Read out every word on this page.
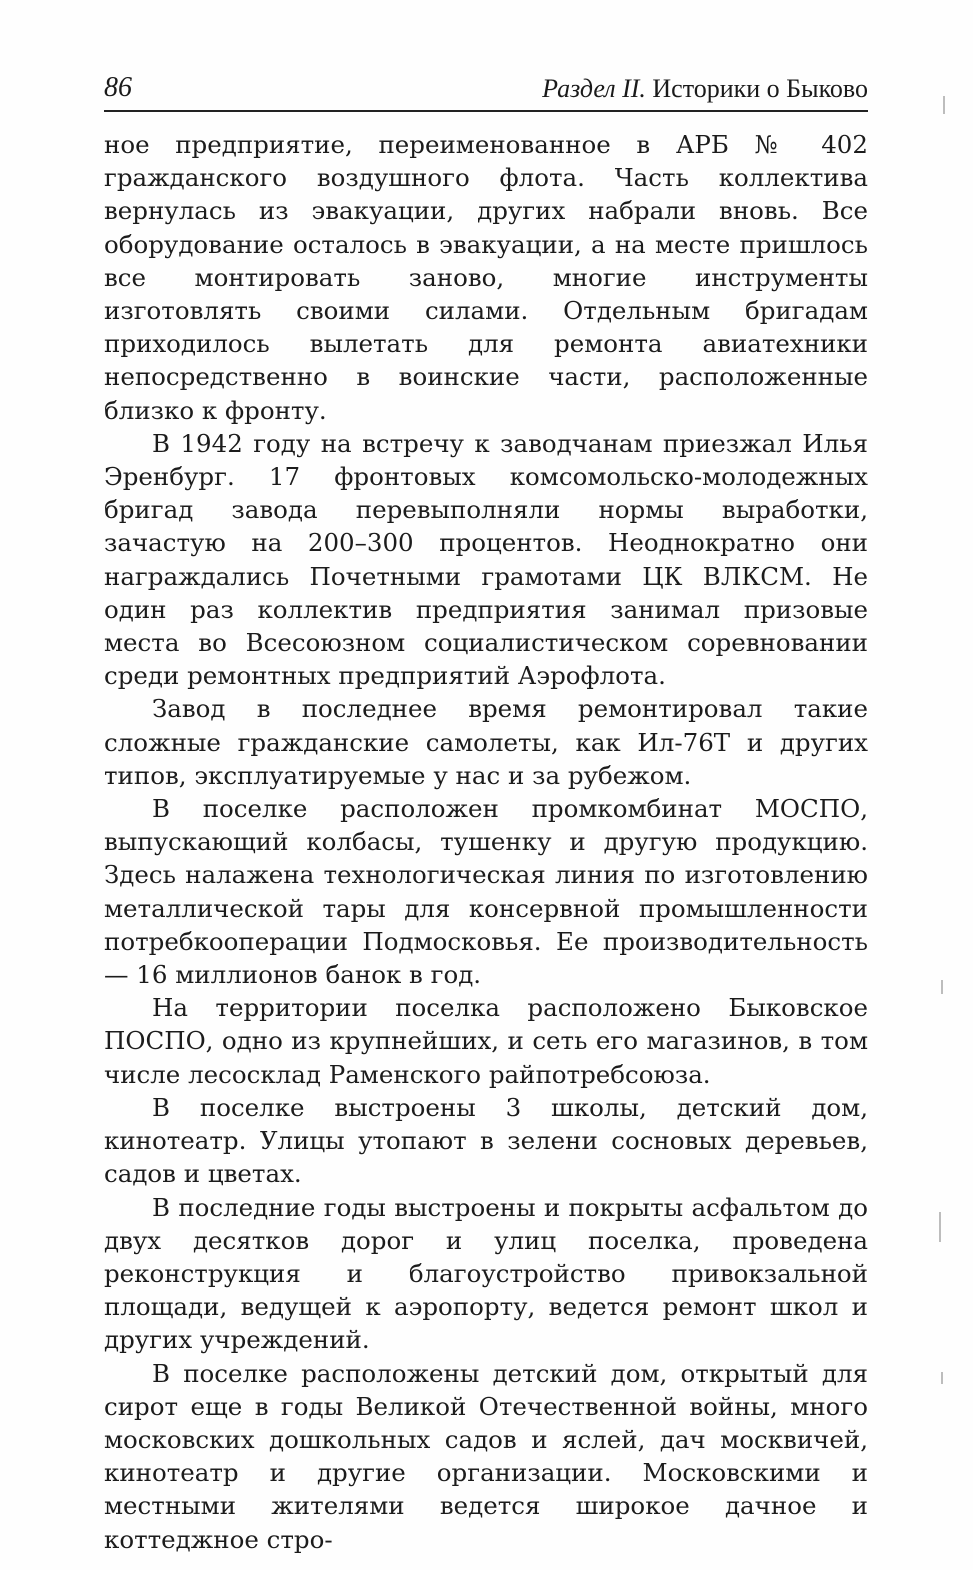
86	Раздел II. Историки о Быково

ное предприятие, переименованное в АРБ № 402 гражданского воздушного флота. Часть коллектива вернулась из эвакуации, других набрали вновь. Все оборудование осталось в эвакуации, а на месте пришлось все монтировать заново, многие инструменты изготовлять своими силами. Отдельным бригадам приходилось вылетать для ремонта авиатехники непосредственно в воинские части, расположенные близко к фронту.

В 1942 году на встречу к заводчанам приезжал Илья Эренбург. 17 фронтовых комсомольско-молодежных бригад завода перевыполняли нормы выработки, зачастую на 200–300 процентов. Неоднократно они награждались Почетными грамотами ЦК ВЛКСМ. Не один раз коллектив предприятия занимал призовые места во Всесоюзном социалистическом соревновании среди ремонтных предприятий Аэрофлота.

Завод в последнее время ремонтировал такие сложные гражданские самолеты, как Ил-76Т и других типов, эксплуатируемые у нас и за рубежом.

В поселке расположен промкомбинат МОСПО, выпускающий колбасы, тушенку и другую продукцию. Здесь налажена технологическая линия по изготовлению металлической тары для консервной промышленности потребкооперации Подмосковья. Ее производительность — 16 миллионов банок в год.

На территории поселка расположено Быковское ПОСПО, одно из крупнейших, и сеть его магазинов, в том числе лесосклад Раменского райпотребсоюза.

В поселке выстроены 3 школы, детский дом, кинотеатр. Улицы утопают в зелени сосновых деревьев, садов и цветах.

В последние годы выстроены и покрыты асфальтом до двух десятков дорог и улиц поселка, проведена реконструкция и благоустройство привокзальной площади, ведущей к аэропорту, ведется ремонт школ и других учреждений.

В поселке расположены детский дом, открытый для сирот еще в годы Великой Отечественной войны, много московских дошкольных садов и яслей, дач москвичей, кинотеатр и другие организации. Московскими и местными жителями ведется широкое дачное и коттеджное стро-
